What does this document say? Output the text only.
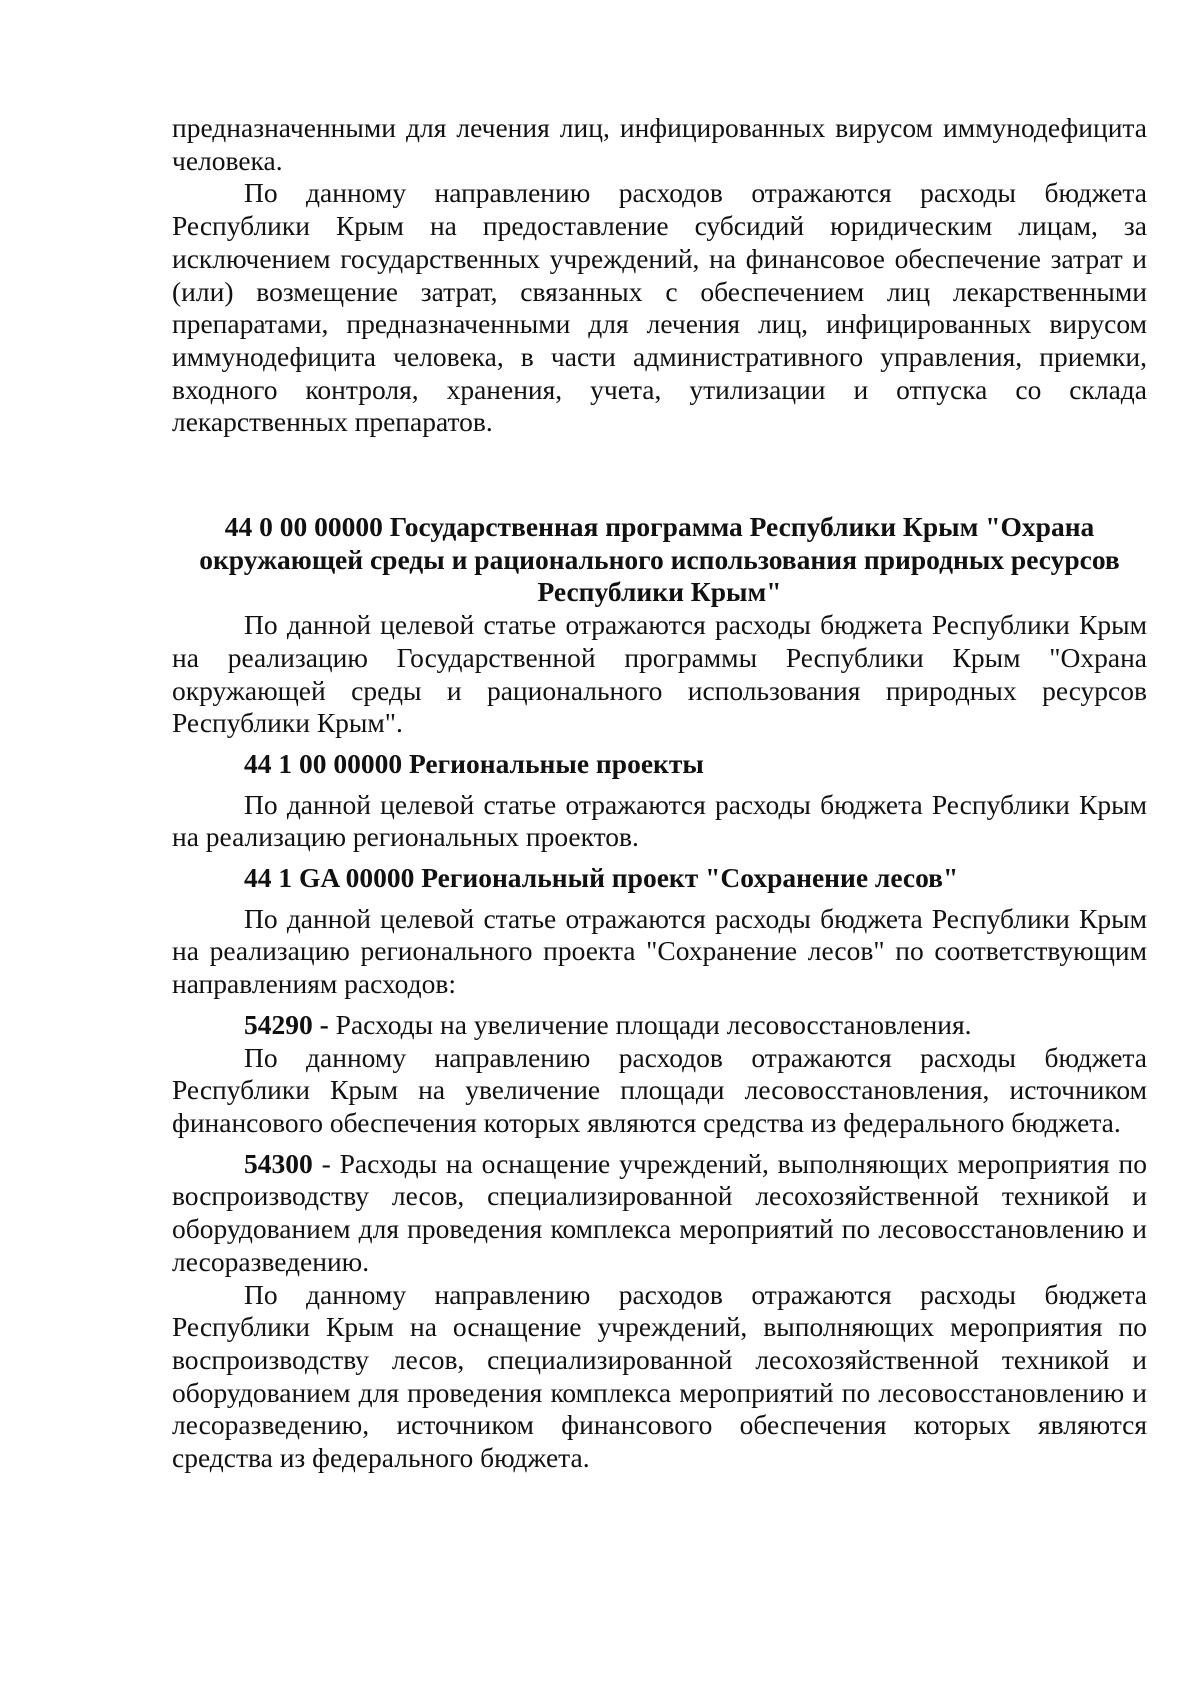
предназначенными для лечения лиц, инфицированных вирусом иммунодефицита человека.

По данному направлению расходов отражаются расходы бюджета Республики Крым на предоставление субсидий юридическим лицам, за исключением государственных учреждений, на финансовое обеспечение затрат и (или) возмещение затрат, связанных с обеспечением лиц лекарственными препаратами, предназначенными для лечения лиц, инфицированных вирусом иммунодефицита человека, в части административного управления, приемки, входного контроля, хранения, учета, утилизации и отпуска со склада лекарственных препаратов.

44 0 00 00000 Государственная программа Республики Крым "Охрана окружающей среды и рационального использования природных ресурсов Республики Крым"

По данной целевой статье отражаются расходы бюджета Республики Крым на реализацию Государственной программы Республики Крым "Охрана окружающей среды и рационального использования природных ресурсов Республики Крым".

44 1 00 00000 Региональные проекты

По данной целевой статье отражаются расходы бюджета Республики Крым на реализацию региональных проектов.

44 1 GA 00000 Региональный проект "Сохранение лесов"

По данной целевой статье отражаются расходы бюджета Республики Крым на реализацию регионального проекта "Сохранение лесов" по соответствующим направлениям расходов:

54290 - Расходы на увеличение площади лесовосстановления.

По данному направлению расходов отражаются расходы бюджета Республики Крым на увеличение площади лесовосстановления, источником финансового обеспечения которых являются средства из федерального бюджета.

54300 - Расходы на оснащение учреждений, выполняющих мероприятия по воспроизводству лесов, специализированной лесохозяйственной техникой и оборудованием для проведения комплекса мероприятий по лесовосстановлению и лесоразведению.

По данному направлению расходов отражаются расходы бюджета Республики Крым на оснащение учреждений, выполняющих мероприятия по воспроизводству лесов, специализированной лесохозяйственной техникой и оборудованием для проведения комплекса мероприятий по лесовосстановлению и лесоразведению, источником финансового обеспечения которых являются средства из федерального бюджета.
